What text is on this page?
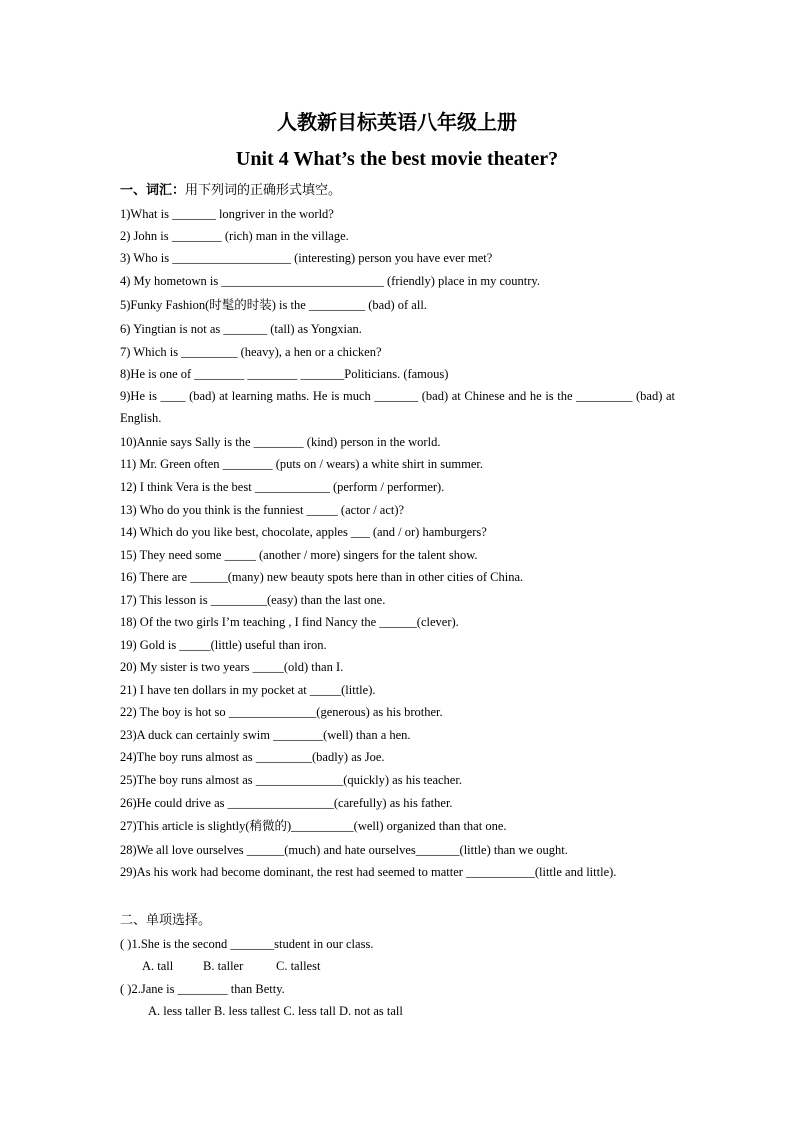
人教新目标英语八年级上册
Unit 4 What’s the best movie theater?
一、词汇：用下列词的正确形式填空。
1)What is _______ longriver in the world?
2) John is ________ (rich) man in the village.
3) Who is ___________________ (interesting) person you have ever met?
4) My hometown is __________________________ (friendly) place in my country.
5)Funky Fashion(时髦的时装) is the _________ (bad) of all.
6) Yingtian is not as _______ (tall) as Yongxian.
7) Which is _________ (heavy), a hen or a chicken?
8)He is one of ________ ________ _______Politicians. (famous)
9)He is ____ (bad) at learning maths. He is much _______ (bad) at Chinese and he is the _________ (bad) at English.
10)Annie says Sally is the ________ (kind) person in the world.
11) Mr. Green often ________ (puts on / wears) a white shirt in summer.
12) I think Vera is the best ____________ (perform / performer).
13) Who do you think is the funniest _____ (actor / act)?
14) Which do you like best, chocolate, apples ___ (and / or) hamburgers?
15) They need some _____ (another / more) singers for the talent show.
16) There are ______(many) new beauty spots here than in other cities of China.
17) This lesson is _________(easy) than the last one.
18) Of the two girls I’m teaching , I find Nancy the ______(clever).
19) Gold is _____(little) useful than iron.
20) My sister is two years _____(old) than I.
21) I have ten dollars in my pocket at _____(little).
22) The boy is hot so ______________(generous) as his brother.
23)A duck can certainly swim ________(well) than a hen.
24)The boy runs almost as _________(badly) as Joe.
25)The boy runs almost as ______________(quickly) as his teacher.
26)He could drive as _________________(carefully) as his father.
27)This article is slightly(稍微的)__________(well) organized than that one.
28)We all love ourselves ______(much) and hate ourselves_______(little) than we ought.
29)As his work had become dominant, the rest had seemed to matter ___________(little and little).
二、单项选择。
( )1.She is the second _______student in our class.
A. tall B. taller	C. tallest
( )2.Jane is ________ than Betty.
A. less taller B. less tallest C. less tall D. not as tall
